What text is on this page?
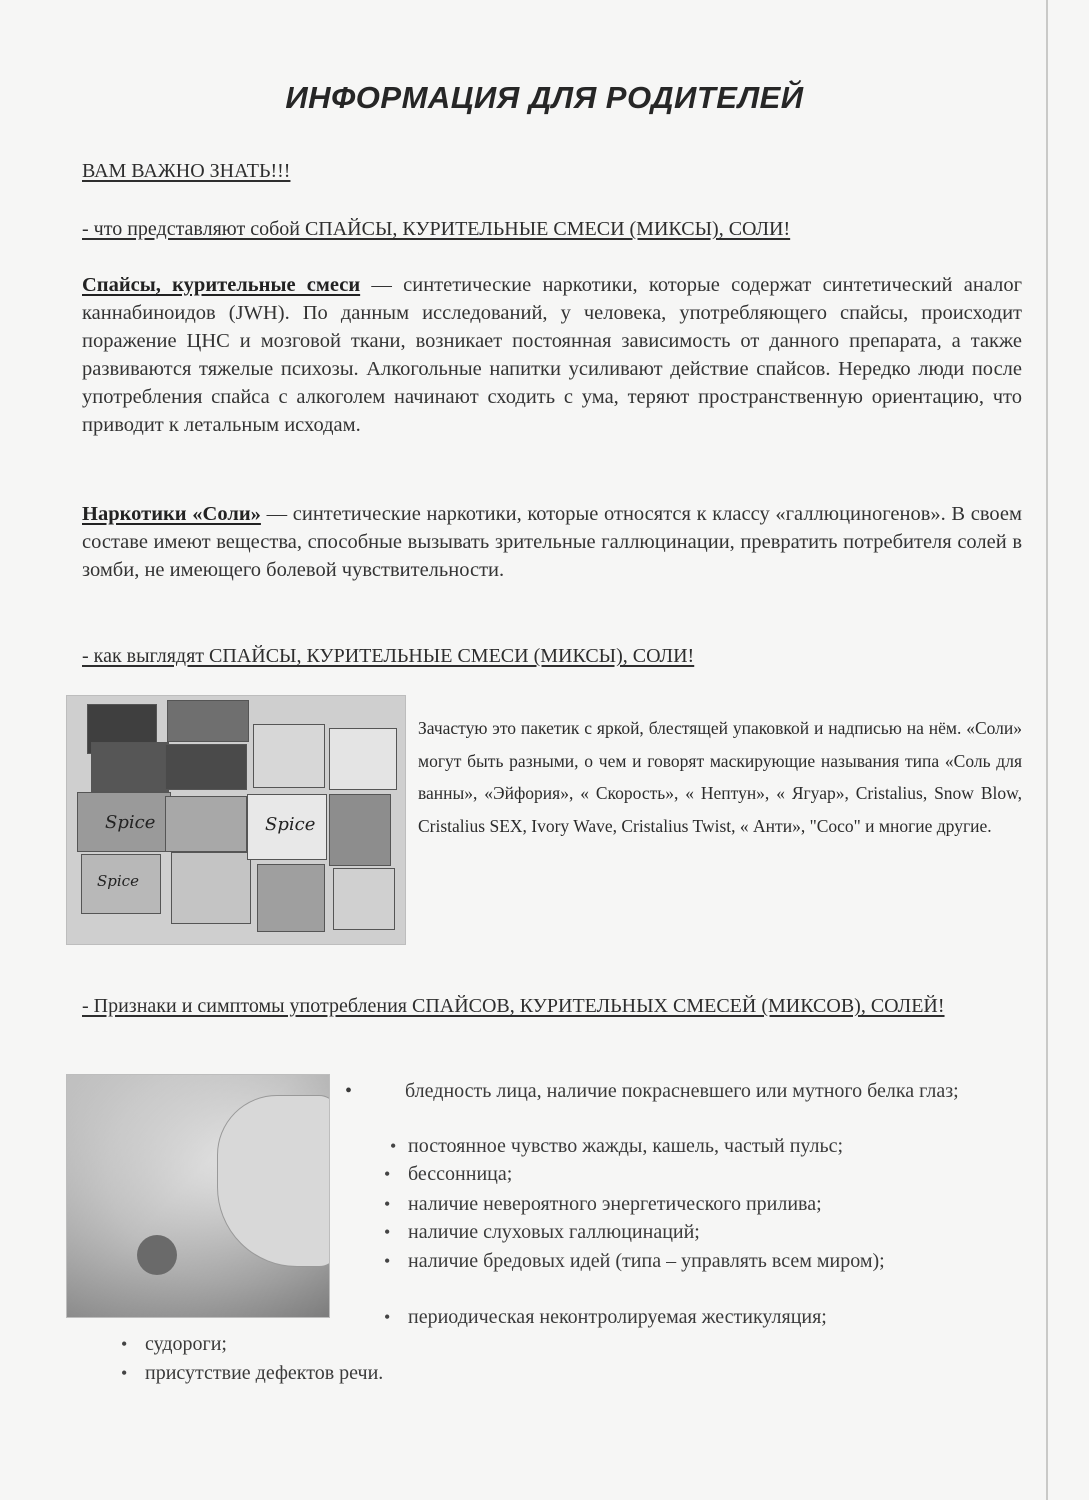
ИНФОРМАЦИЯ ДЛЯ РОДИТЕЛЕЙ
ВАМ ВАЖНО ЗНАТЬ!!!
- что представляют собой СПАЙСЫ, КУРИТЕЛЬНЫЕ СМЕСИ (МИКСЫ), СОЛИ!
Спайсы, курительные смеси — синтетические наркотики, которые содержат синтетический аналог каннабиноидов (JWH). По данным исследований, у человека, употребляющего спайсы, происходит поражение ЦНС и мозговой ткани, возникает постоянная зависимость от данного препарата, а также развиваются тяжелые психозы. Алкогольные напитки усиливают действие спайсов. Нередко люди после употребления спайса с алкоголем начинают сходить с ума, теряют пространственную ориентацию, что приводит к летальным исходам.
Наркотики «Соли» — синтетические наркотики, которые относятся к классу «галлюциногенов». В своем составе имеют вещества, способные вызывать зрительные галлюцинации, превратить потребителя солей в зомби, не имеющего болевой чувствительности.
- как выглядят СПАЙСЫ, КУРИТЕЛЬНЫЕ СМЕСИ (МИКСЫ), СОЛИ!
Spice	Spice
Spice
Зачастую это пакетик с яркой, блестящей упаковкой и надписью на нём. «Соли» могут быть разными, о чем и говорят маскирующие называния типа «Соль для ванны», «Эйфория», « Скорость», « Нептун», « Ягуар», Cristalius, Snow Blow, Cristalius SEX, Ivory Wave, Cristalius Twist, « Анти», "Coco" и многие другие.
- Признаки и симптомы употребления СПАЙСОВ, КУРИТЕЛЬНЫХ СМЕСЕЙ (МИКСОВ), СОЛЕЙ!
•	бледность лица, наличие покрасневшего или мутного белка глаз;
• постоянное чувство жажды, кашель, частый пульс;
• бессонница;
• наличие невероятного энергетического прилива;
• наличие слуховых галлюцинаций;
• наличие бредовых идей (типа – управлять всем миром);
• периодическая неконтролируемая жестикуляция;
• судороги;
• присутствие дефектов речи.
